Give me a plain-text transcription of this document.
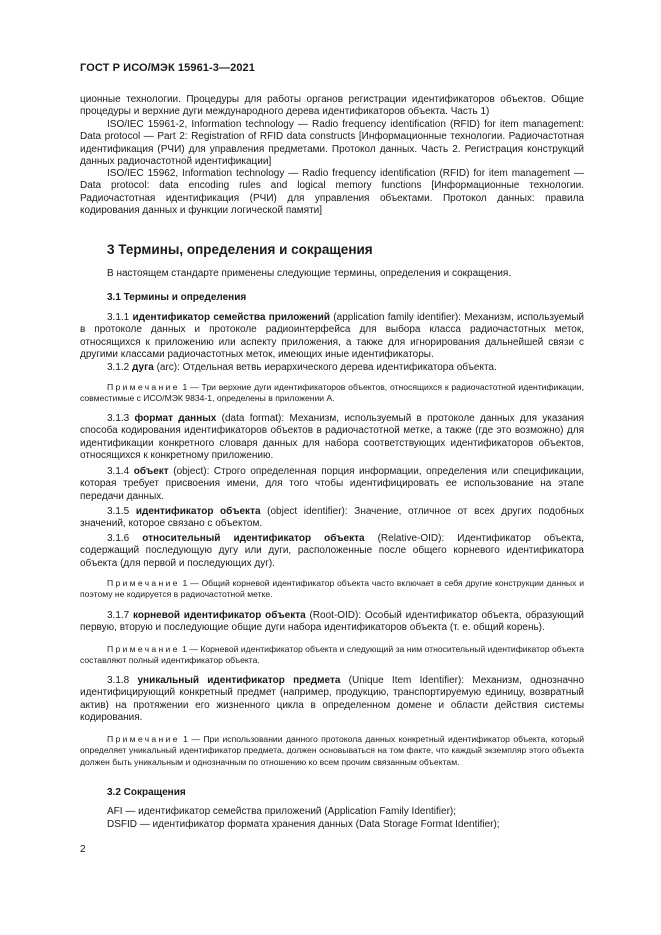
ГОСТ Р ИСО/МЭК 15961-3—2021

ционные технологии. Процедуры для работы органов регистрации идентификаторов объектов. Общие процедуры и верхние дуги международного дерева идентификаторов объекта. Часть 1)

ISO/IEC 15961-2, Information technology — Radio frequency identification (RFID) for item management: Data protocol — Part 2: Registration of RFID data constructs [Информационные технологии. Радиочастотная идентификация (РЧИ) для управления предметами. Протокол данных. Часть 2. Регистрация конструкций данных радиочастотной идентификации]

ISO/IEC 15962, Information technology — Radio frequency identification (RFID) for item management — Data protocol: data encoding rules and logical memory functions [Информационные технологии. Радиочастотная идентификация (РЧИ) для управления объектами. Протокол данных: правила кодирования данных и функции логической памяти]

3 Термины, определения и сокращения

В настоящем стандарте применены следующие термины, определения и сокращения.

3.1 Термины и определения

3.1.1 идентификатор семейства приложений (application family identifier): Механизм, используемый в протоколе данных и протоколе радиоинтерфейса для выбора класса радиочастотных меток, относящихся к приложению или аспекту приложения, а также для игнорирования дальнейшей связи с другими классами радиочастотных меток, имеющих иные идентификаторы.

3.1.2 дуга (arc): Отдельная ветвь иерархического дерева идентификатора объекта.

Примечание 1 — Три верхние дуги идентификаторов объектов, относящихся к радиочастотной идентификации, совместимые с ИСО/МЭК 9834-1, определены в приложении А.

3.1.3 формат данных (data format): Механизм, используемый в протоколе данных для указания способа кодирования идентификаторов объектов в радиочастотной метке, а также (где это возможно) для идентификации конкретного словаря данных для набора соответствующих идентификаторов объектов, относящихся к конкретному приложению.

3.1.4 объект (object): Строго определенная порция информации, определения или спецификации, которая требует присвоения имени, для того чтобы идентифицировать ее использование на этапе передачи данных.

3.1.5 идентификатор объекта (object identifier): Значение, отличное от всех других подобных значений, которое связано с объектом.

3.1.6 относительный идентификатор объекта (Relative-OID): Идентификатор объекта, содержащий последующую дугу или дуги, расположенные после общего корневого идентификатора объекта (для первой и последующих дуг).

Примечание 1 — Общий корневой идентификатор объекта часто включает в себя другие конструкции данных и поэтому не кодируется в радиочастотной метке.

3.1.7 корневой идентификатор объекта (Root-OID): Особый идентификатор объекта, образующий первую, вторую и последующие общие дуги набора идентификаторов объекта (т. е. общий корень).

Примечание 1 — Корневой идентификатор объекта и следующий за ним относительный идентификатор объекта составляют полный идентификатор объекта.

3.1.8 уникальный идентификатор предмета (Unique Item Identifier): Механизм, однозначно идентифицирующий конкретный предмет (например, продукцию, транспортируемую единицу, возвратный актив) на протяжении его жизненного цикла в определенном домене и области действия системы кодирования.

Примечание 1 — При использовании данного протокола данных конкретный идентификатор объекта, который определяет уникальный идентификатор предмета, должен основываться на том факте, что каждый экземпляр этого объекта должен быть уникальным и однозначным по отношению ко всем прочим связанным объектам.

3.2 Сокращения
AFI — идентификатор семейства приложений (Application Family Identifier);
DSFID — идентификатор формата хранения данных (Data Storage Format Identifier);
2
